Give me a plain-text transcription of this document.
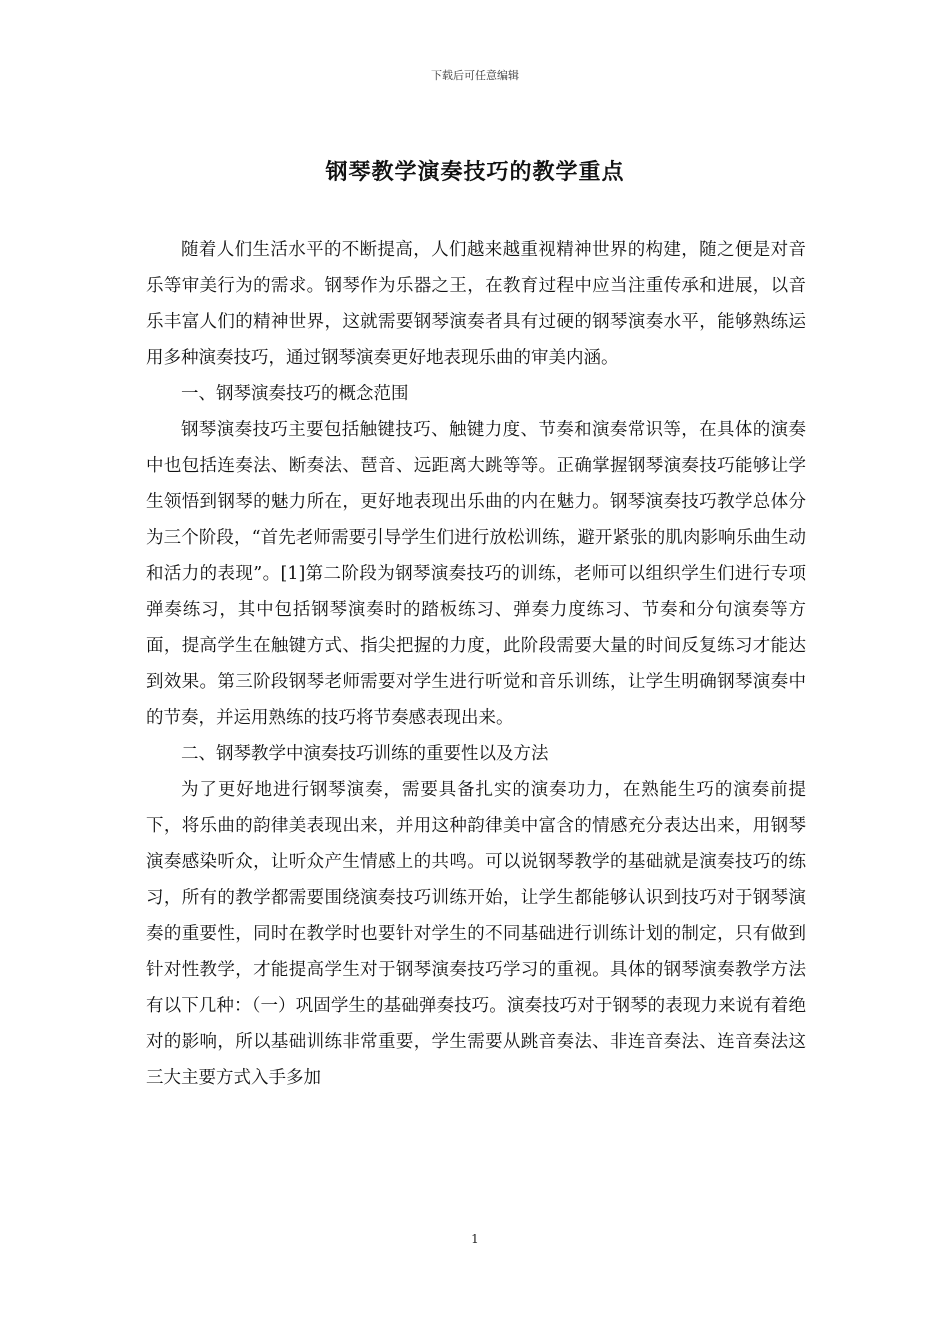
下载后可任意编辑
钢琴教学演奏技巧的教学重点

随着人们生活水平的不断提高，人们越来越重视精神世界的构建，随之便是对音乐等审美行为的需求。钢琴作为乐器之王，在教育过程中应当注重传承和进展，以音乐丰富人们的精神世界，这就需要钢琴演奏者具有过硬的钢琴演奏水平，能够熟练运用多种演奏技巧，通过钢琴演奏更好地表现乐曲的审美内涵。

一、钢琴演奏技巧的概念范围

钢琴演奏技巧主要包括触键技巧、触键力度、节奏和演奏常识等，在具体的演奏中也包括连奏法、断奏法、琶音、远距离大跳等等。正确掌握钢琴演奏技巧能够让学生领悟到钢琴的魅力所在，更好地表现出乐曲的内在魅力。钢琴演奏技巧教学总体分为三个阶段，“首先老师需要引导学生们进行放松训练，避开紧张的肌肉影响乐曲生动和活力的表现”。[1]第二阶段为钢琴演奏技巧的训练，老师可以组织学生们进行专项弹奏练习，其中包括钢琴演奏时的踏板练习、弹奏力度练习、节奏和分句演奏等方面，提高学生在触键方式、指尖把握的力度，此阶段需要大量的时间反复练习才能达到效果。第三阶段钢琴老师需要对学生进行听觉和音乐训练，让学生明确钢琴演奏中的节奏，并运用熟练的技巧将节奏感表现出来。

二、钢琴教学中演奏技巧训练的重要性以及方法

为了更好地进行钢琴演奏，需要具备扎实的演奏功力，在熟能生巧的演奏前提下，将乐曲的韵律美表现出来，并用这种韵律美中富含的情感充分表达出来，用钢琴演奏感染听众，让听众产生情感上的共鸣。可以说钢琴教学的基础就是演奏技巧的练习，所有的教学都需要围绕演奏技巧训练开始，让学生都能够认识到技巧对于钢琴演奏的重要性，同时在教学时也要针对学生的不同基础进行训练计划的制定，只有做到针对性教学，才能提高学生对于钢琴演奏技巧学习的重视。具体的钢琴演奏教学方法有以下几种：（一）巩固学生的基础弹奏技巧。演奏技巧对于钢琴的表现力来说有着绝对的影响，所以基础训练非常重要，学生需要从跳音奏法、非连音奏法、连音奏法这三大主要方式入手多加

1
